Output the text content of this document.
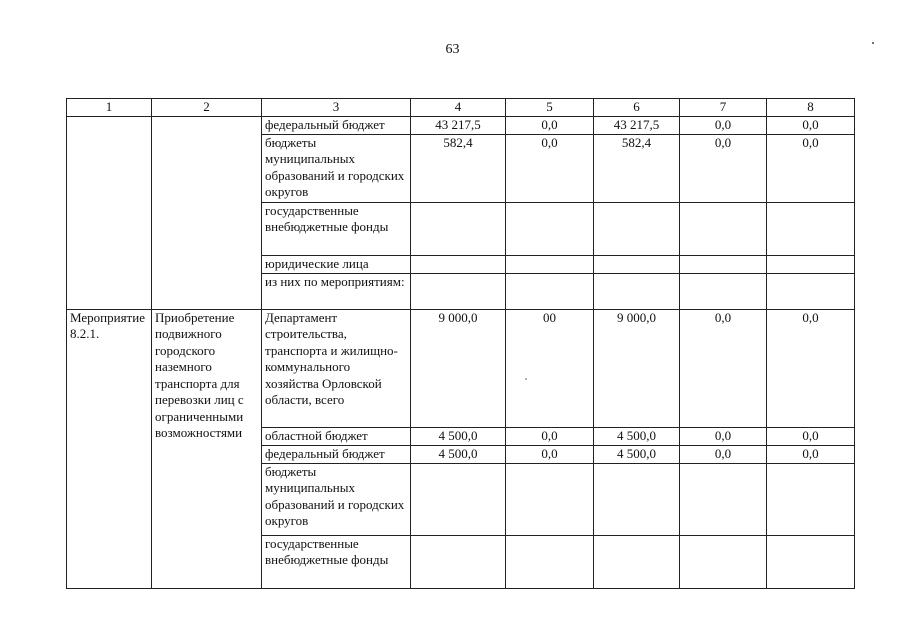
63
1	2	3	4	5	6	7	8
		федеральный бюджет	43 217,5	0,0	43 217,5	0,0	0,0
		бюджеты муниципальных образований и городских округов	582,4	0,0	582,4	0,0	0,0
		государственные внебюджетные фонды					
		юридические лица					
		из них по мероприятиям:					
Мероприятие 8.2.1.	Приобретение подвижного городского наземного транспорта для перевозки лиц с ограниченными возможностями	Департамент строительства, транспорта и жилищно-коммунального хозяйства Орловской области, всего	9 000,0	00	9 000,0	0,0	0,0
		областной бюджет	4 500,0	0,0	4 500,0	0,0	0,0
		федеральный бюджет	4 500,0	0,0	4 500,0	0,0	0,0
		бюджеты муниципальных образований и городских округов					
		государственные внебюджетные фонды					
